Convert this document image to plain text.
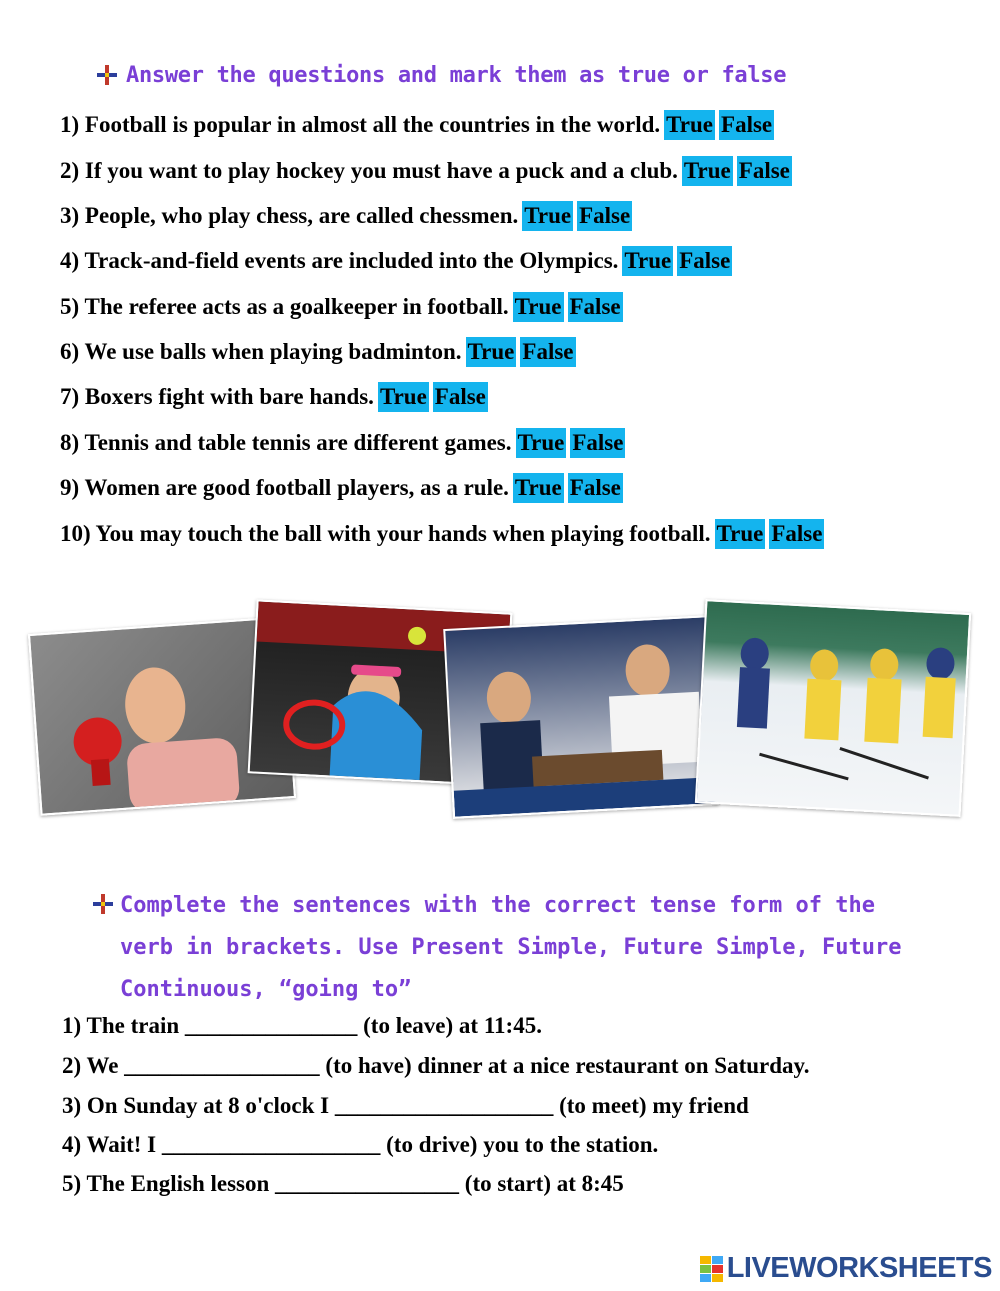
Answer the questions and mark them as true or false
1) Football is popular in almost all the countries in the world. True False
2) If you want to play hockey you must have a puck and a club. True False
3) People, who play chess, are called chessmen. True False
4) Track-and-field events are included into the Olympics. True False
5) The referee acts as a goalkeeper in football. True False
6) We use balls when playing badminton. True False
7) Boxers fight with bare hands. True False
8) Tennis and table tennis are different games. True False
9) Women are good football players, as a rule. True False
10) You may touch the ball with your hands when playing football. True False
Complete the sentences with the correct tense form of the
verb in brackets. Use Present Simple, Future Simple, Future
Continuous, “going to”
1) The train _______________ (to leave) at 11:45.
2) We _________________ (to have) dinner at a nice restaurant on Saturday.
3) On Sunday at 8 o'clock I ___________________ (to meet) my friend
4) Wait! I ___________________ (to drive) you to the station.
5) The English lesson ________________ (to start) at 8:45
LIVEWORKSHEETS
